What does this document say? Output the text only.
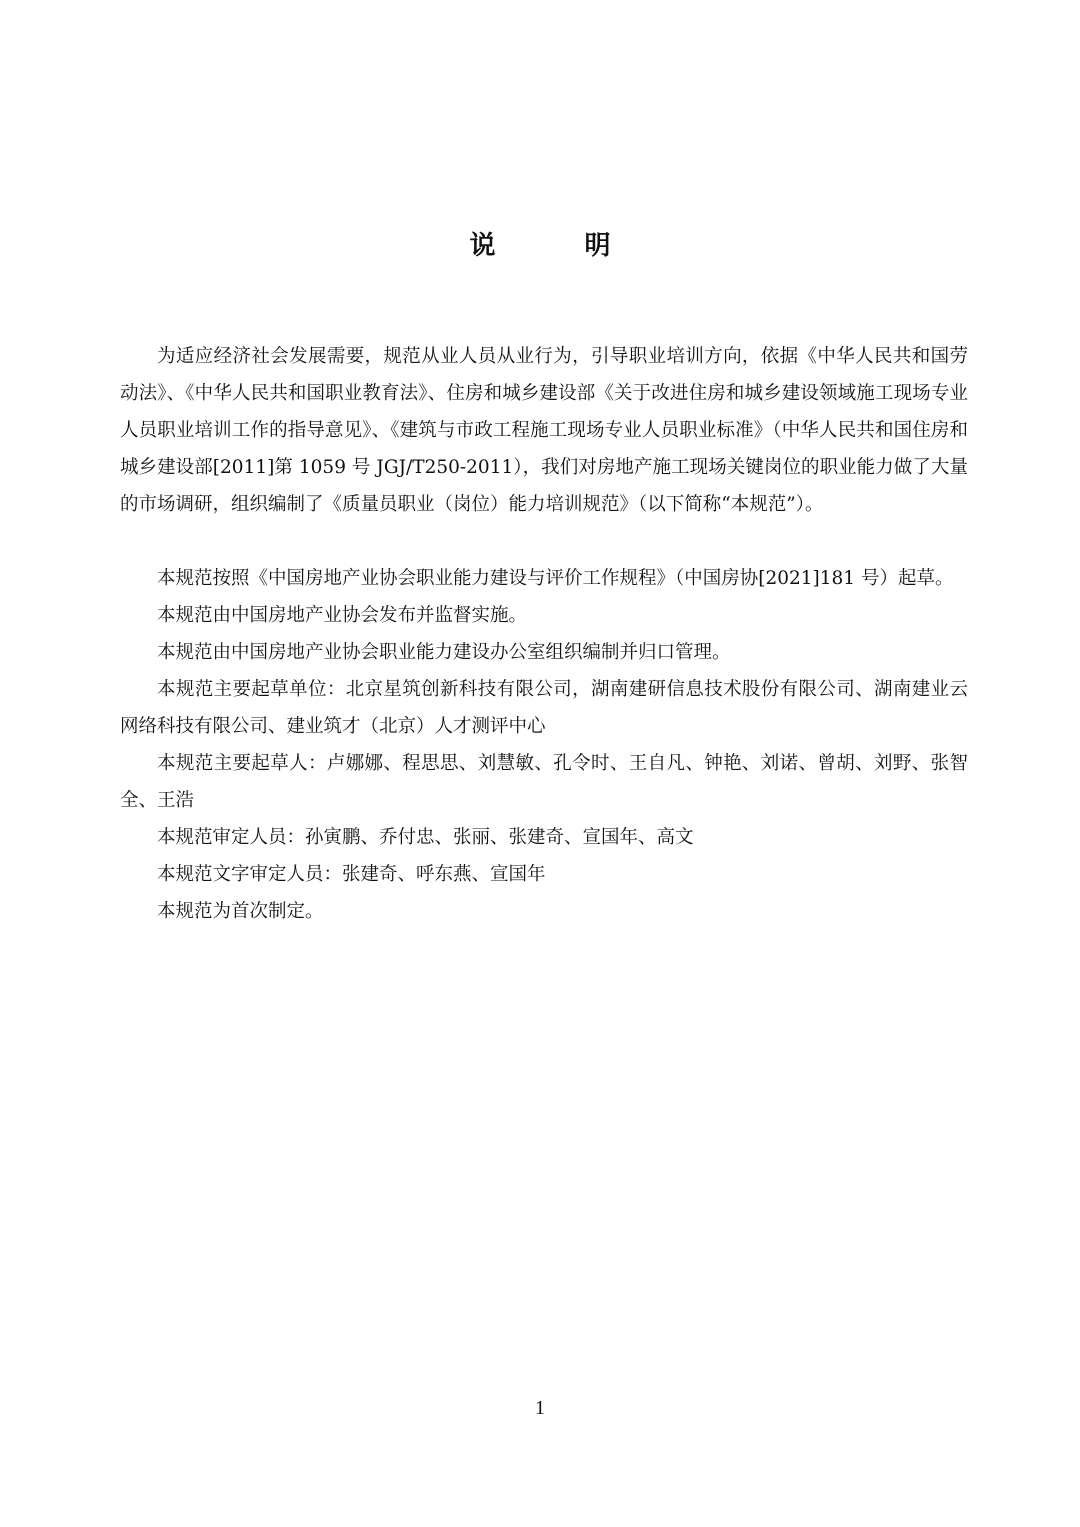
说 明

为适应经济社会发展需要，规范从业人员从业行为，引导职业培训方向，依据《中华人民共和国劳动法》、《中华人民共和国职业教育法》、住房和城乡建设部《关于改进住房和城乡建设领域施工现场专业人员职业培训工作的指导意见》、《建筑与市政工程施工现场专业人员职业标准》（中华人民共和国住房和城乡建设部[2011]第 1059 号 JGJ/T250-2011），我们对房地产施工现场关键岗位的职业能力做了大量的市场调研，组织编制了《质量员职业（岗位）能力培训规范》（以下简称“本规范”）。

本规范按照《中国房地产业协会职业能力建设与评价工作规程》（中国房协[2021]181 号）起草。

本规范由中国房地产业协会发布并监督实施。

本规范由中国房地产业协会职业能力建设办公室组织编制并归口管理。

本规范主要起草单位：北京星筑创新科技有限公司，湖南建研信息技术股份有限公司、湖南建业云网络科技有限公司、建业筑才（北京）人才测评中心

本规范主要起草人：卢娜娜、程思思、刘慧敏、孔令时、王自凡、钟艳、刘诺、曾胡、刘野、张智全、王浩

本规范审定人员：孙寅鹏、乔付忠、张丽、张建奇、宣国年、高文

本规范文字审定人员：张建奇、呼东燕、宣国年

本规范为首次制定。

1
